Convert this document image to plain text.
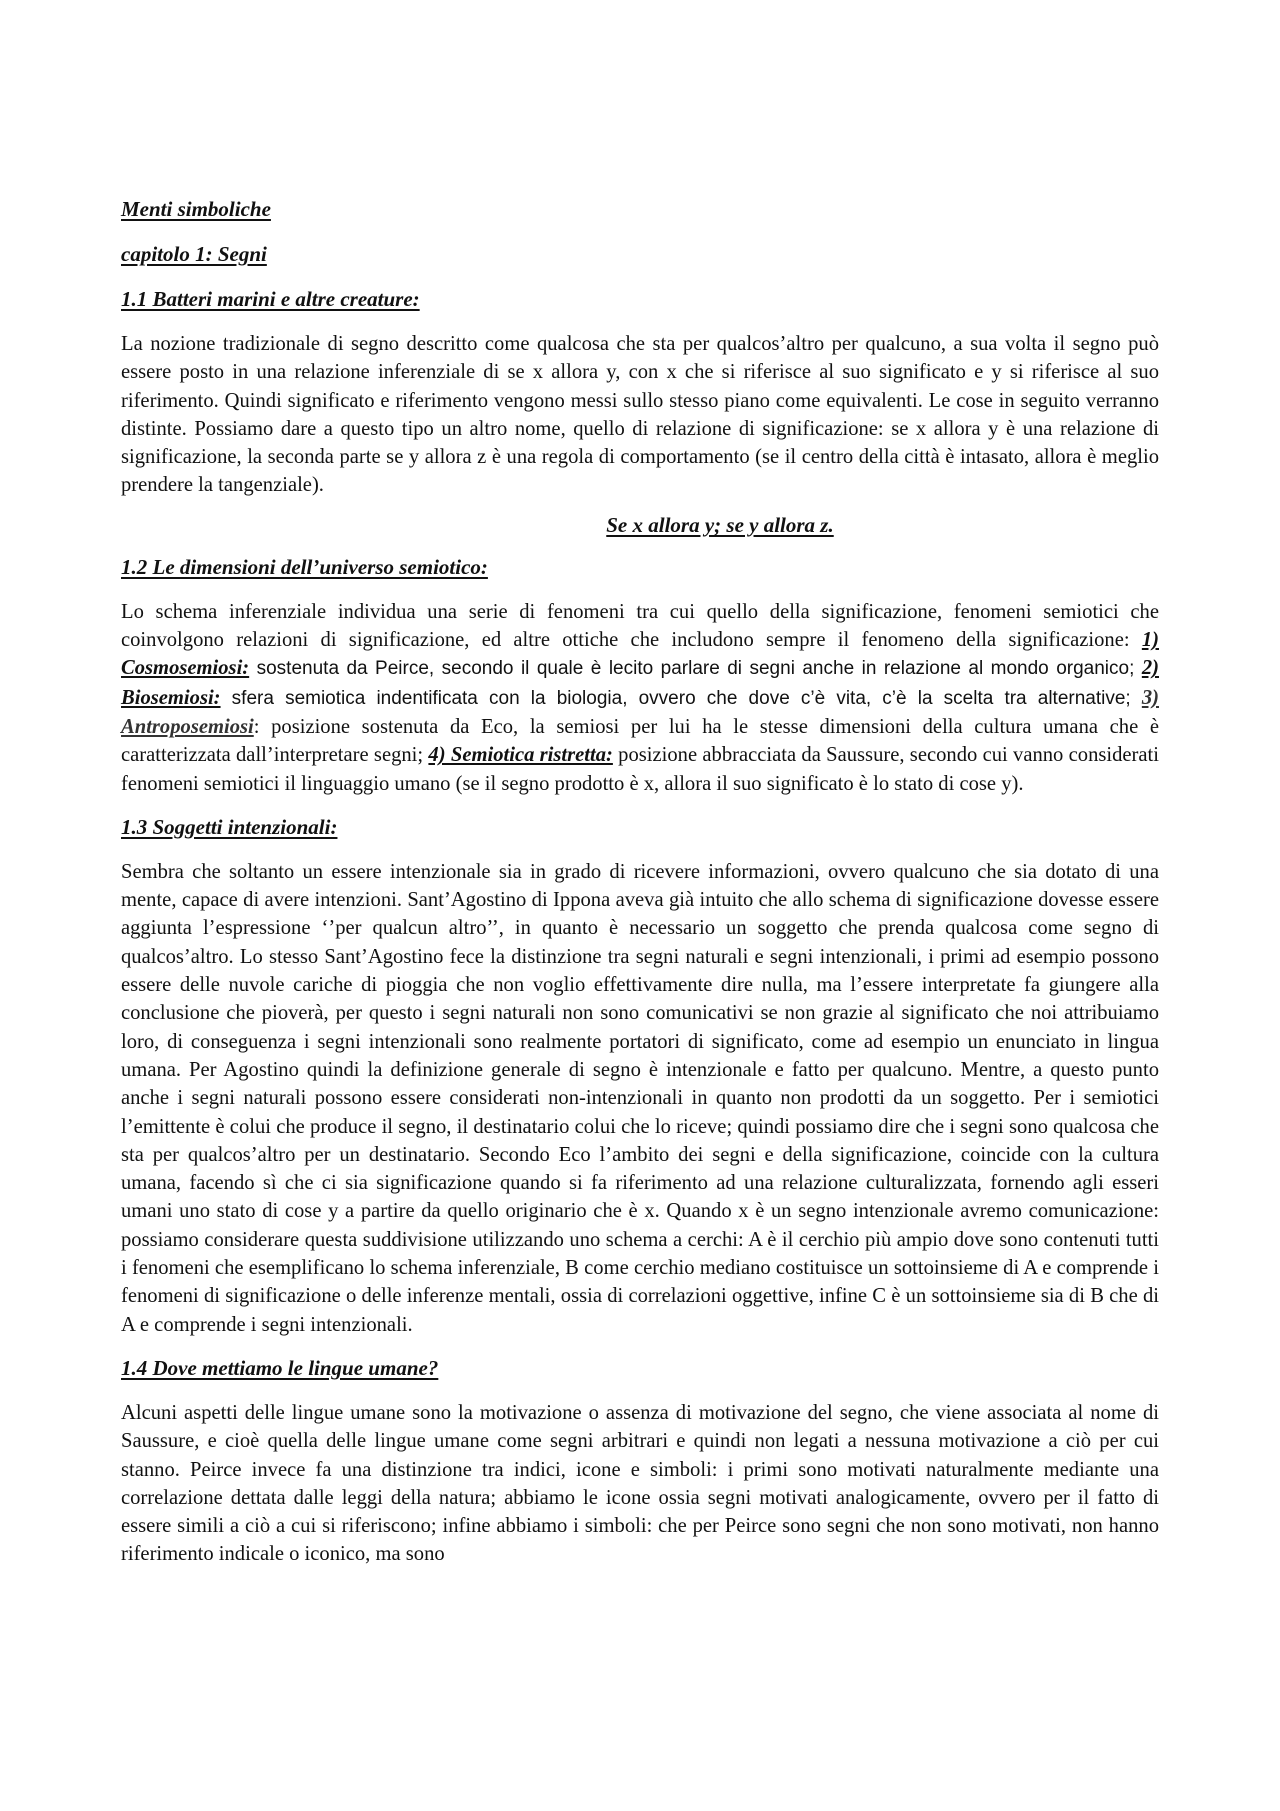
Menti simboliche
capitolo 1: Segni
1.1 Batteri marini e altre creature:

La nozione tradizionale di segno descritto come qualcosa che sta per qualcos’altro per qualcuno, a sua volta il segno può essere posto in una relazione inferenziale di se x allora y, con x che si riferisce al suo significato e y si riferisce al suo riferimento. Quindi significato e riferimento vengono messi sullo stesso piano come equivalenti. Le cose in seguito verranno distinte. Possiamo dare a questo tipo un altro nome, quello di relazione di significazione: se x allora y è una relazione di significazione, la seconda parte se y allora z è una regola di comportamento (se il centro della città è intasato, allora è meglio prendere la tangenziale).

Se x allora y; se y allora z.
1.2 Le dimensioni dell’universo semiotico:

Lo schema inferenziale individua una serie di fenomeni tra cui quello della significazione, fenomeni semiotici che coinvolgono relazioni di significazione, ed altre ottiche che includono sempre il fenomeno della significazione: 1) Cosmosemiosi: sostenuta da Peirce, secondo il quale è lecito parlare di segni anche in relazione al mondo organico; 2) Biosemiosi: sfera semiotica indentificata con la biologia, ovvero che dove c’è vita, c’è la scelta tra alternative; 3) Antroposemiosi: posizione sostenuta da Eco, la semiosi per lui ha le stesse dimensioni della cultura umana che è caratterizzata dall’interpretare segni; 4) Semiotica ristretta: posizione abbracciata da Saussure, secondo cui vanno considerati fenomeni semiotici il linguaggio umano (se il segno prodotto è x, allora il suo significato è lo stato di cose y).

1.3 Soggetti intenzionali:

Sembra che soltanto un essere intenzionale sia in grado di ricevere informazioni, ovvero qualcuno che sia dotato di una mente, capace di avere intenzioni. Sant’Agostino di Ippona aveva già intuito che allo schema di significazione dovesse essere aggiunta l’espressione ‘’per qualcun altro’’, in quanto è necessario un soggetto che prenda qualcosa come segno di qualcos’altro. Lo stesso Sant’Agostino fece la distinzione tra segni naturali e segni intenzionali, i primi ad esempio possono essere delle nuvole cariche di pioggia che non voglio effettivamente dire nulla, ma l’essere interpretate fa giungere alla conclusione che pioverà, per questo i segni naturali non sono comunicativi se non grazie al significato che noi attribuiamo loro, di conseguenza i segni intenzionali sono realmente portatori di significato, come ad esempio un enunciato in lingua umana. Per Agostino quindi la definizione generale di segno è intenzionale e fatto per qualcuno. Mentre, a questo punto anche i segni naturali possono essere considerati non-intenzionali in quanto non prodotti da un soggetto. Per i semiotici l’emittente è colui che produce il segno, il destinatario colui che lo riceve; quindi possiamo dire che i segni sono qualcosa che sta per qualcos’altro per un destinatario. Secondo Eco l’ambito dei segni e della significazione, coincide con la cultura umana, facendo sì che ci sia significazione quando si fa riferimento ad una relazione culturalizzata, fornendo agli esseri umani uno stato di cose y a partire da quello originario che è x. Quando x è un segno intenzionale avremo comunicazione: possiamo considerare questa suddivisione utilizzando uno schema a cerchi: A è il cerchio più ampio dove sono contenuti tutti i fenomeni che esemplificano lo schema inferenziale, B come cerchio mediano costituisce un sottoinsieme di A e comprende i fenomeni di significazione o delle inferenze mentali, ossia di correlazioni oggettive, infine C è un sottoinsieme sia di B che di A e comprende i segni intenzionali.

1.4 Dove mettiamo le lingue umane?

Alcuni aspetti delle lingue umane sono la motivazione o assenza di motivazione del segno, che viene associata al nome di Saussure, e cioè quella delle lingue umane come segni arbitrari e quindi non legati a nessuna motivazione a ciò per cui stanno. Peirce invece fa una distinzione tra indici, icone e simboli: i primi sono motivati naturalmente mediante una correlazione dettata dalle leggi della natura; abbiamo le icone ossia segni motivati analogicamente, ovvero per il fatto di essere simili a ciò a cui si riferiscono; infine abbiamo i simboli: che per Peirce sono segni che non sono motivati, non hanno riferimento indicale o iconico, ma sono
